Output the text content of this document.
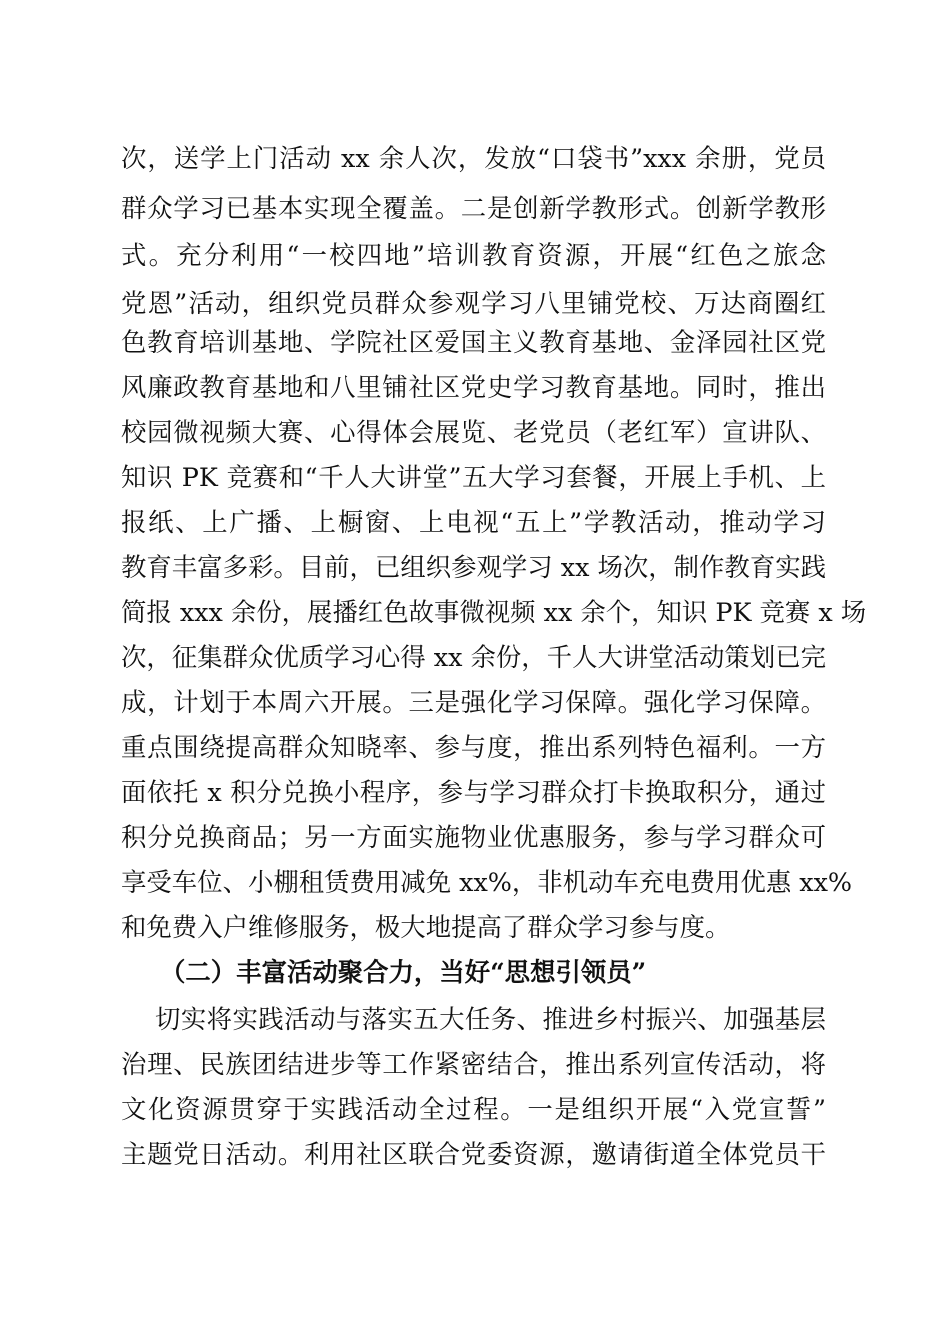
次，送学上门活动 xx 余人次，发放“口袋书”xxx 余册，党员
群众学习已基本实现全覆盖。二是创新学教形式。创新学教形
式。充分利用“一校四地”培训教育资源，开展“红色之旅念
党恩”活动，组织党员群众参观学习八里铺党校、万达商圈红
色教育培训基地、学院社区爱国主义教育基地、金泽园社区党
风廉政教育基地和八里铺社区党史学习教育基地。同时，推出
校园微视频大赛、心得体会展览、老党员（老红军）宣讲队、
知识 PK 竞赛和“千人大讲堂”五大学习套餐，开展上手机、上
报纸、上广播、上橱窗、上电视“五上”学教活动，推动学习
教育丰富多彩。目前，已组织参观学习 xx 场次，制作教育实践
简报 xxx 余份，展播红色故事微视频 xx 余个，知识 PK 竞赛 x 场
次，征集群众优质学习心得 xx 余份，千人大讲堂活动策划已完
成，计划于本周六开展。三是强化学习保障。强化学习保障。
重点围绕提高群众知晓率、参与度，推出系列特色福利。一方
面依托 x 积分兑换小程序，参与学习群众打卡换取积分，通过
积分兑换商品；另一方面实施物业优惠服务，参与学习群众可
享受车位、小棚租赁费用减免 xx%，非机动车充电费用优惠 xx%
和免费入户维修服务，极大地提高了群众学习参与度。
（二）丰富活动聚合力，当好“思想引领员”
切实将实践活动与落实五大任务、推进乡村振兴、加强基层
治理、民族团结进步等工作紧密结合，推出系列宣传活动，将
文化资源贯穿于实践活动全过程。一是组织开展“入党宣誓”
主题党日活动。利用社区联合党委资源，邀请街道全体党员干
